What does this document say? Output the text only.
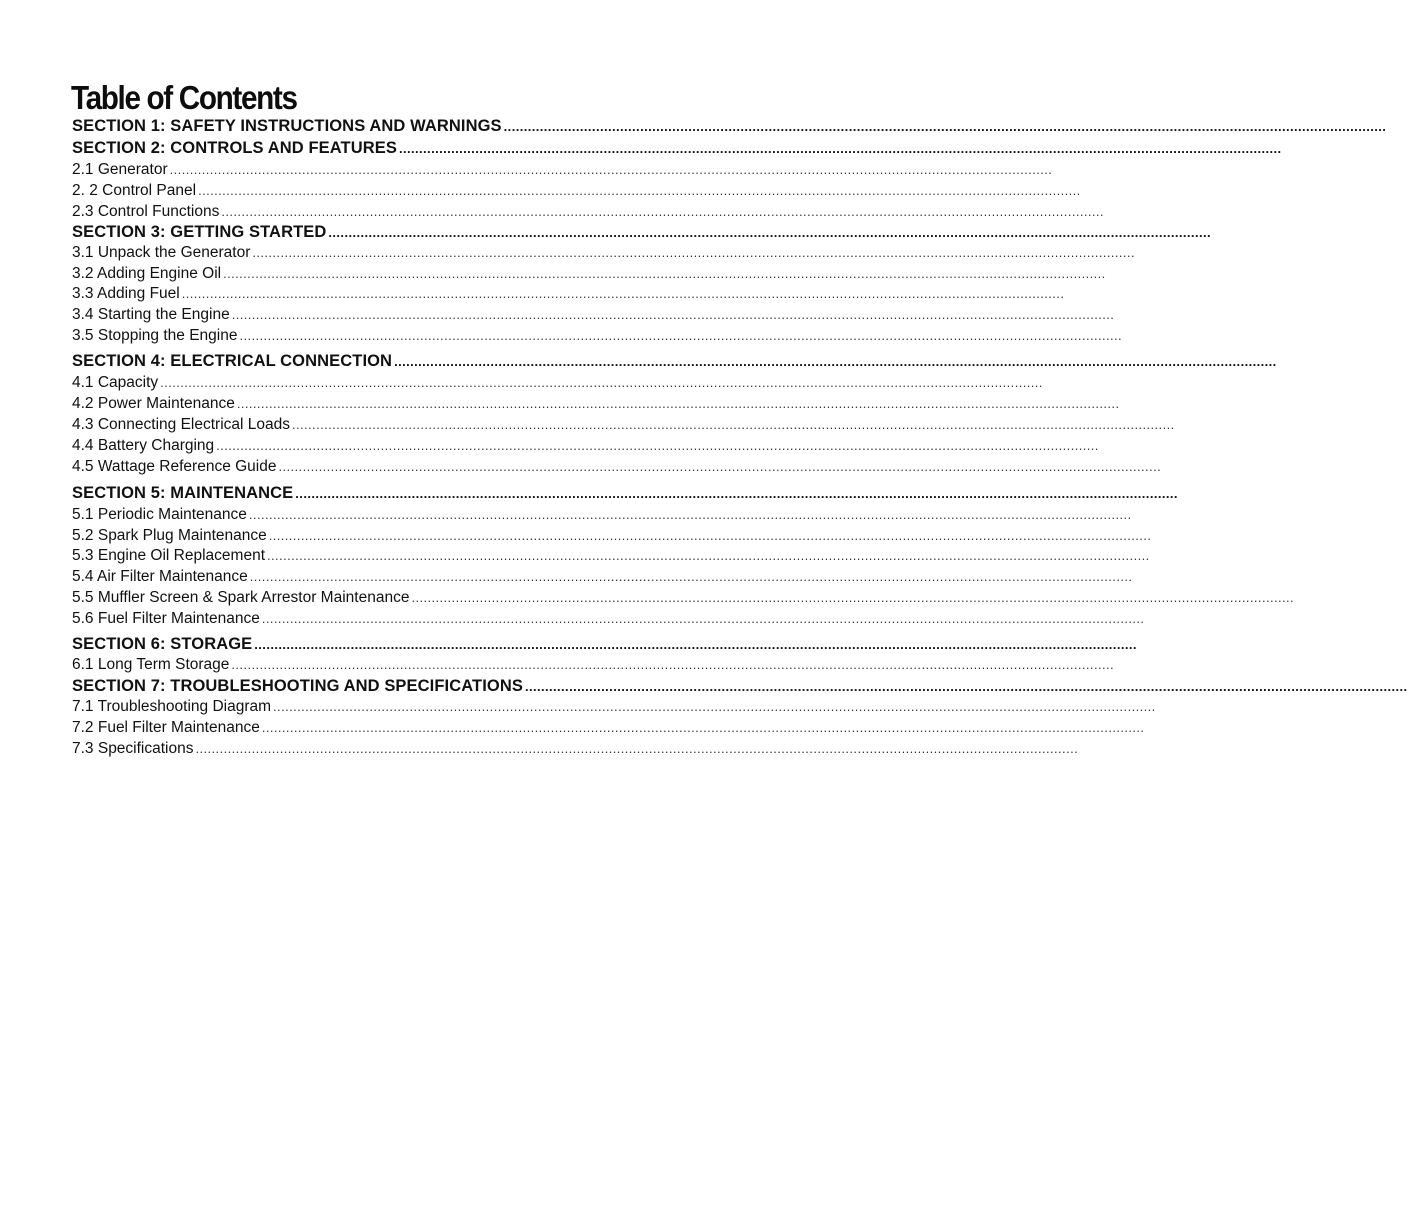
Table of Contents
SECTION 1: SAFETY INSTRUCTIONS AND WARNINGS ............................................................................................................................................................................................................................
SECTION 2: CONTROLS AND FEATURES ............................................................................................................................................................................................................................
2.1 Generator ............................................................................................................................................................................................................................
2. 2 Control Panel ............................................................................................................................................................................................................................
2.3 Control Functions ............................................................................................................................................................................................................................
SECTION 3: GETTING STARTED ............................................................................................................................................................................................................................
3.1 Unpack the Generator ............................................................................................................................................................................................................................
3.2 Adding Engine Oil ............................................................................................................................................................................................................................
3.3 Adding Fuel ............................................................................................................................................................................................................................
3.4 Starting the Engine ............................................................................................................................................................................................................................
3.5 Stopping the Engine ............................................................................................................................................................................................................................
SECTION 4: ELECTRICAL CONNECTION ............................................................................................................................................................................................................................
4.1 Capacity ............................................................................................................................................................................................................................
4.2 Power Maintenance ............................................................................................................................................................................................................................
4.3 Connecting Electrical Loads ............................................................................................................................................................................................................................
4.4 Battery Charging ............................................................................................................................................................................................................................
4.5 Wattage Reference Guide ............................................................................................................................................................................................................................
SECTION 5: MAINTENANCE ............................................................................................................................................................................................................................
5.1 Periodic Maintenance ............................................................................................................................................................................................................................
5.2 Spark Plug Maintenance ............................................................................................................................................................................................................................
5.3 Engine Oil Replacement ............................................................................................................................................................................................................................
5.4 Air Filter Maintenance ............................................................................................................................................................................................................................
5.5 Muffler Screen & Spark Arrestor Maintenance ............................................................................................................................................................................................................................
5.6 Fuel Filter Maintenance ............................................................................................................................................................................................................................
SECTION 6: STORAGE ............................................................................................................................................................................................................................
6.1 Long Term Storage ............................................................................................................................................................................................................................
SECTION 7: TROUBLESHOOTING AND SPECIFICATIONS ............................................................................................................................................................................................................................
7.1 Troubleshooting Diagram ............................................................................................................................................................................................................................
7.2 Fuel Filter Maintenance ............................................................................................................................................................................................................................
7.3 Specifications ............................................................................................................................................................................................................................
